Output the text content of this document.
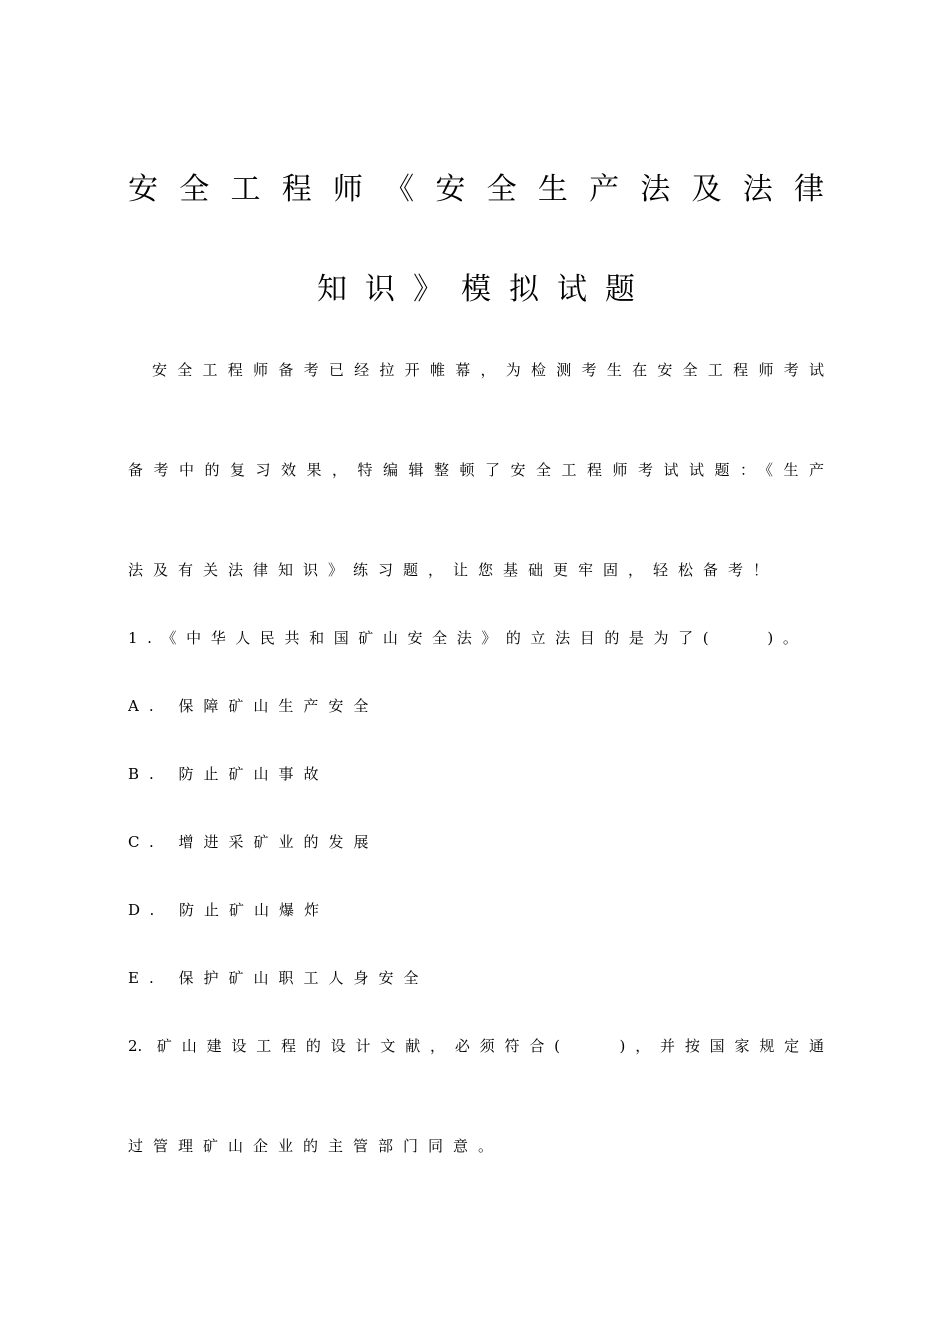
安全工程师《安全生产法及法律
知识》模拟试题
安全工程师备考已经拉开帷幕，为检测考生在安全工程师考试
备考中的复习效果，特编辑整顿了安全工程师考试试题：《生产
法及有关法律知识》练习题，让您基础更牢固，轻松备考！
1.《中华人民共和国矿山安全法》的立法目的是为了(　　)。
A. 保障矿山生产安全
B. 防止矿山事故
C. 增进采矿业的发展
D. 防止矿山爆炸
E. 保护矿山职工人身安全
2. 矿山建设工程的设计文献，必须符合(　　)，并按国家规定通
过管理矿山企业的主管部门同意。
